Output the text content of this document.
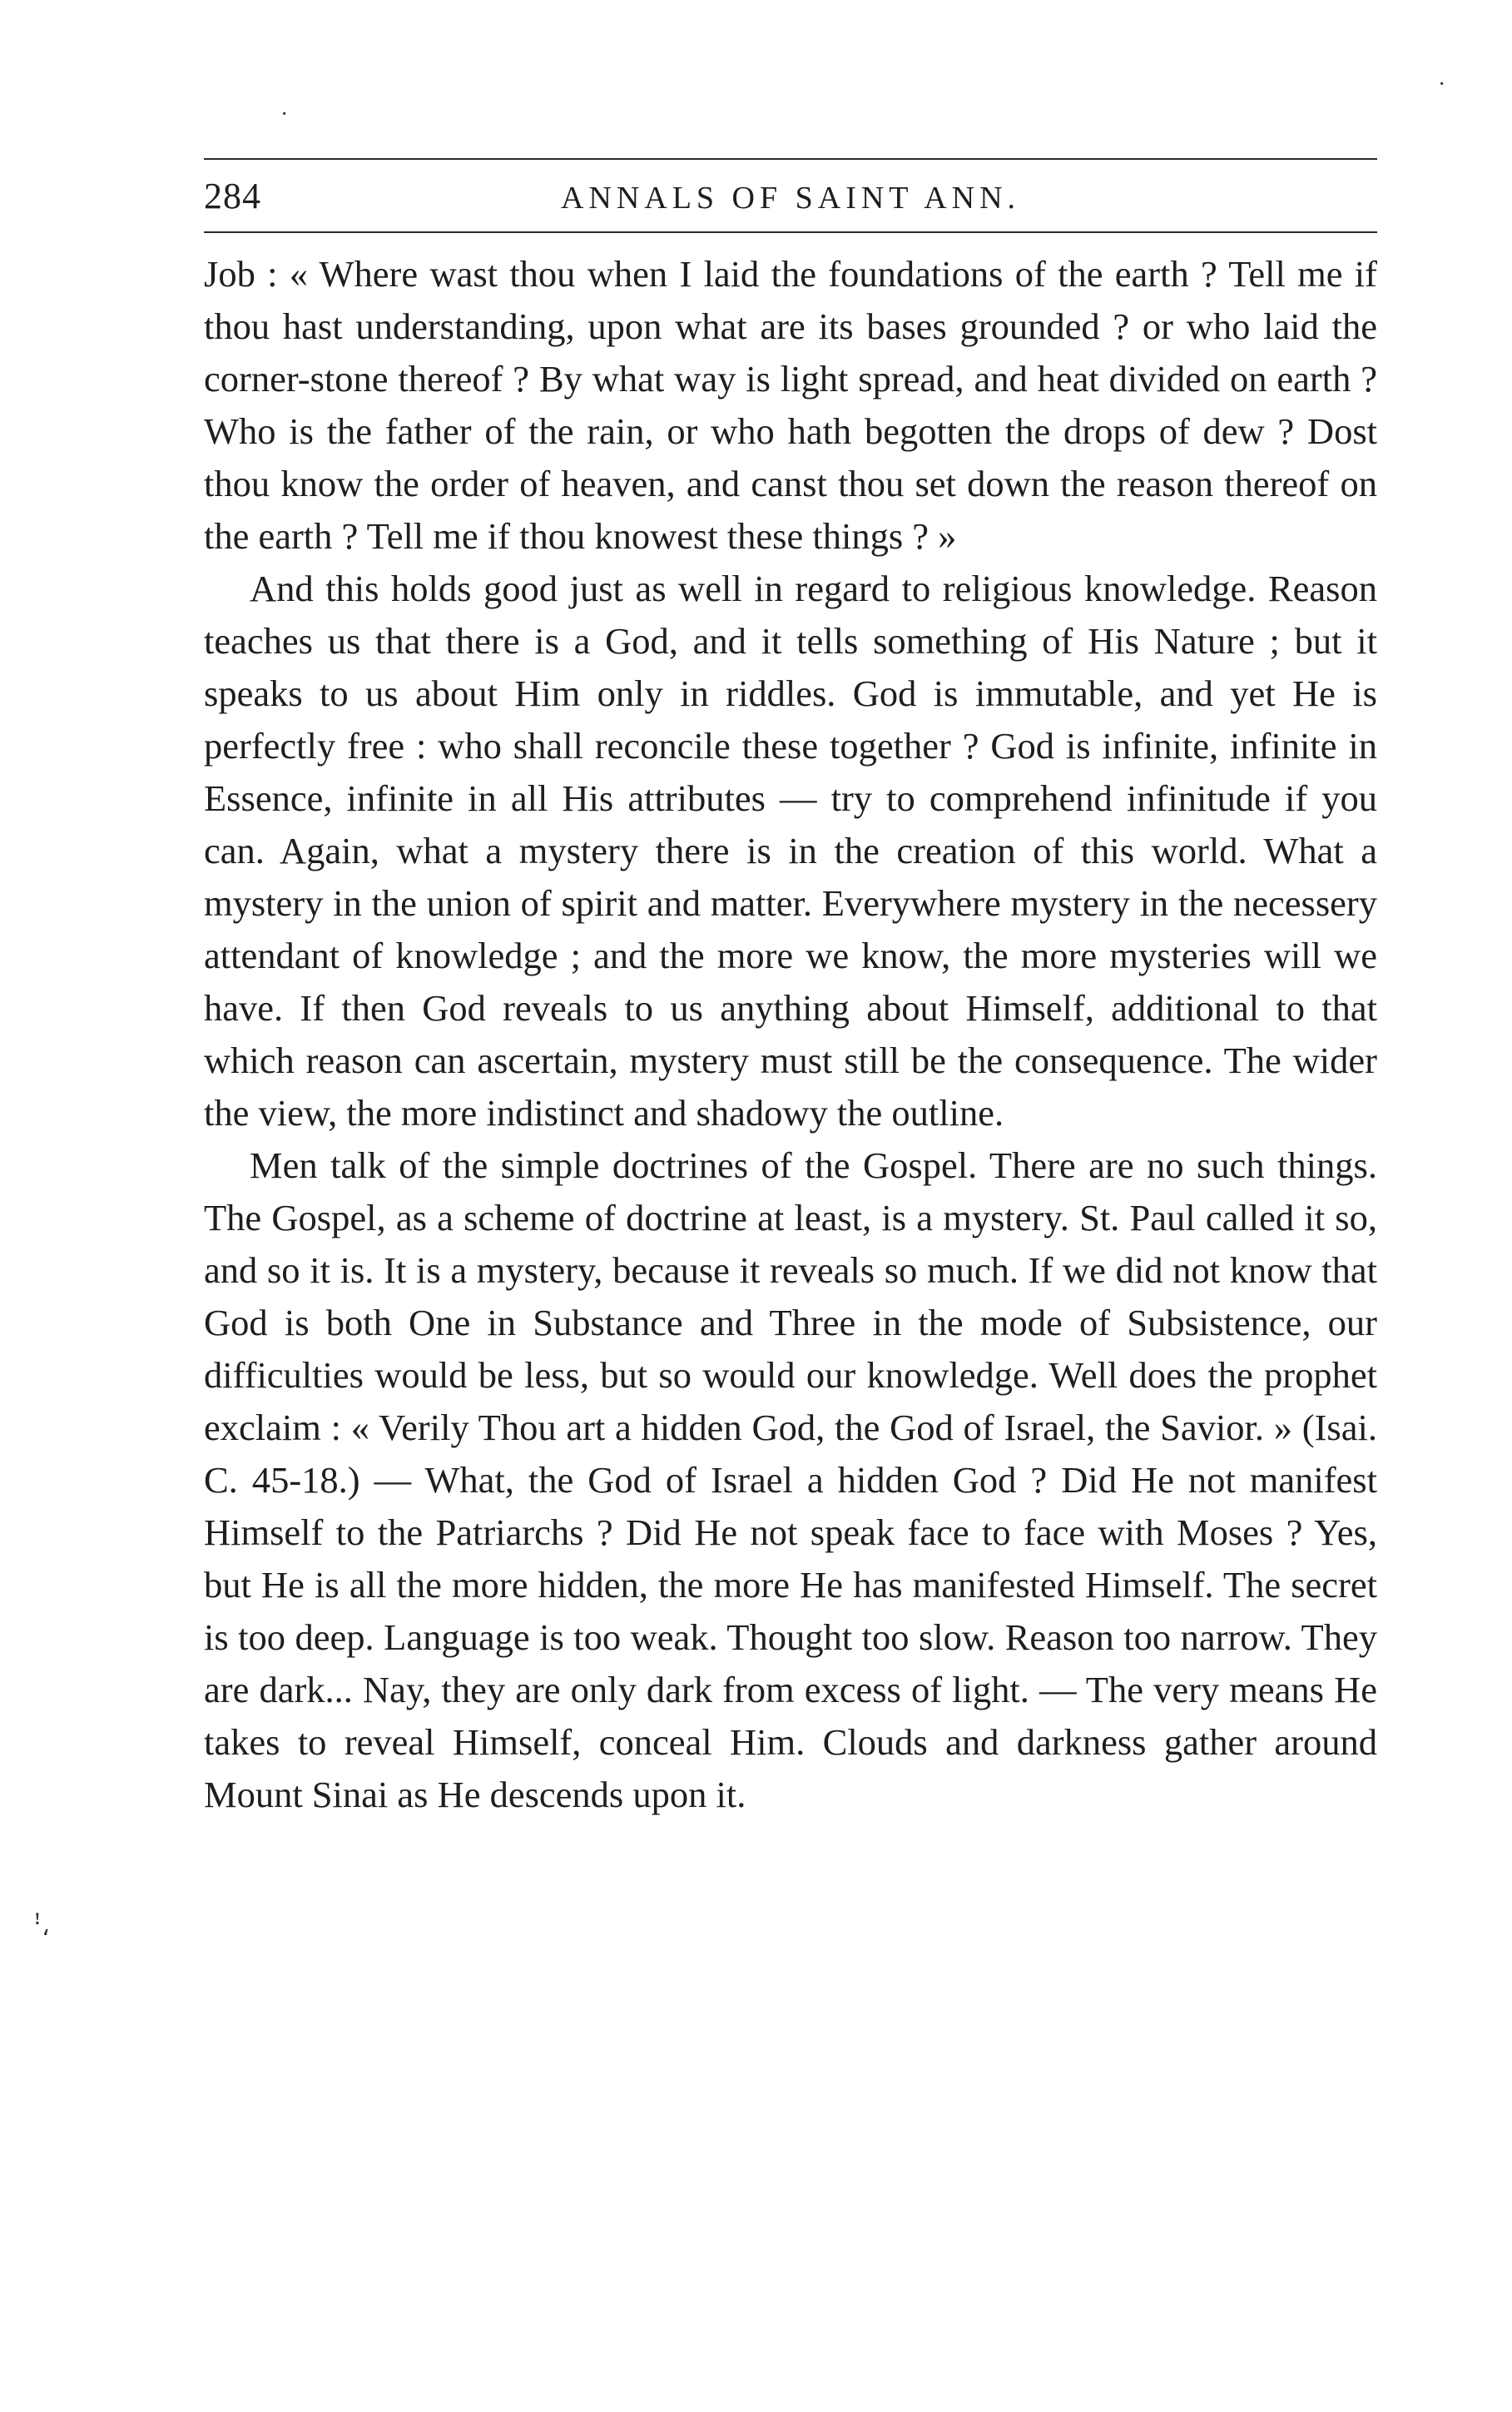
·
·
ꜝ،
284	ANNALS OF SAINT ANN.

Job : « Where wast thou when I laid the foundations of the earth ? Tell me if thou hast understanding, upon what are its bases grounded ? or who laid the corner-stone thereof ? By what way is light spread, and heat divided on earth ? Who is the father of the rain, or who hath begotten the drops of dew ? Dost thou know the order of heaven, and canst thou set down the reason thereof on the earth ? Tell me if thou knowest these things ? »

And this holds good just as well in regard to religious knowledge. Reason teaches us that there is a God, and it tells something of His Nature ; but it speaks to us about Him only in riddles. God is immutable, and yet He is perfectly free : who shall reconcile these together ? God is infinite, infinite in Essence, infinite in all His attributes — try to comprehend infinitude if you can. Again, what a mystery there is in the creation of this world. What a mystery in the union of spirit and matter. Everywhere mystery in the necessery attendant of knowledge ; and the more we know, the more mysteries will we have. If then God reveals to us anything about Himself, additional to that which reason can ascertain, mystery must still be the consequence. The wider the view, the more indistinct and shadowy the outline.

Men talk of the simple doctrines of the Gospel. There are no such things. The Gospel, as a scheme of doctrine at least, is a mystery. St. Paul called it so, and so it is. It is a mystery, because it reveals so much. If we did not know that God is both One in Substance and Three in the mode of Subsistence, our difficulties would be less, but so would our knowledge. Well does the prophet exclaim : « Verily Thou art a hidden God, the God of Israel, the Savior. » (Isai. C. 45-18.) — What, the God of Israel a hidden God ? Did He not manifest Himself to the Patriarchs ? Did He not speak face to face with Moses ? Yes, but He is all the more hidden, the more He has manifested Himself. The secret is too deep. Language is too weak. Thought too slow. Reason too narrow. They are dark... Nay, they are only dark from excess of light. — The very means He takes to reveal Himself, conceal Him. Clouds and darkness gather around Mount Sinai as He descends upon it.
